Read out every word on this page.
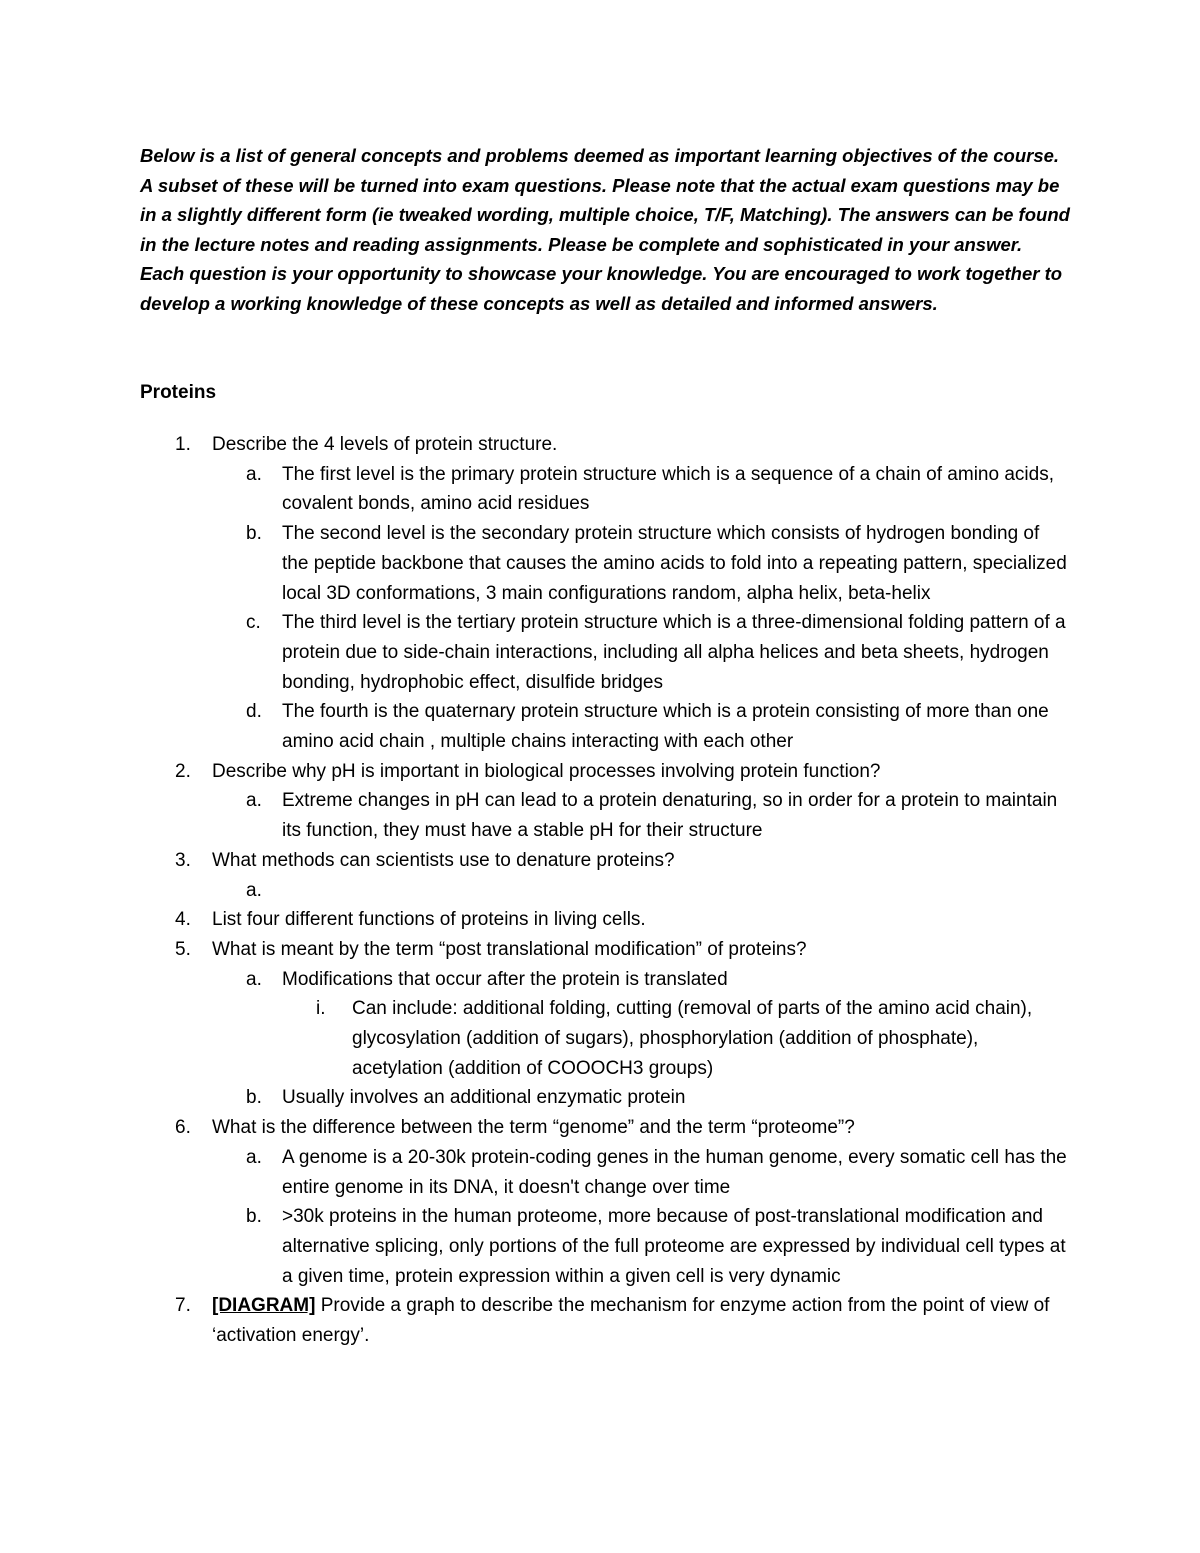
Below is a list of general concepts and problems deemed as important learning objectives of the course. A subset of these will be turned into exam questions. Please note that the actual exam questions may be in a slightly different form (ie tweaked wording, multiple choice, T/F, Matching). The answers can be found in the lecture notes and reading assignments. Please be complete and sophisticated in your answer. Each question is your opportunity to showcase your knowledge. You are encouraged to work together to develop a working knowledge of these concepts as well as detailed and informed answers.
Proteins
1. Describe the 4 levels of protein structure.
a. The first level is the primary protein structure which is a sequence of a chain of amino acids, covalent bonds, amino acid residues
b. The second level is the secondary protein structure which consists of hydrogen bonding of the peptide backbone that causes the amino acids to fold into a repeating pattern, specialized local 3D conformations, 3 main configurations random, alpha helix, beta-helix
c. The third level is the tertiary protein structure which is a three-dimensional folding pattern of a protein due to side-chain interactions, including all alpha helices and beta sheets, hydrogen bonding, hydrophobic effect, disulfide bridges
d. The fourth is the quaternary protein structure which is a protein consisting of more than one amino acid chain , multiple chains interacting with each other
2. Describe why pH is important in biological processes involving protein function?
a. Extreme changes in pH can lead to a protein denaturing, so in order for a protein to maintain its function, they must have a stable pH for their structure
3. What methods can scientists use to denature proteins?
a.

4. List four different functions of proteins in living cells.
5. What is meant by the term “post translational modification” of proteins?
a. Modifications that occur after the protein is translated
i. Can include: additional folding, cutting (removal of parts of the amino acid chain), glycosylation (addition of sugars), phosphorylation (addition of phosphate), acetylation (addition of COOOCH3 groups)
b. Usually involves an additional enzymatic protein
6. What is the difference between the term “genome” and the term “proteome”?
a. A genome is a 20-30k protein-coding genes in the human genome, every somatic cell has the entire genome in its DNA, it doesn't change over time
b. >30k proteins in the human proteome, more because of post-translational modification and alternative splicing, only portions of the full proteome are expressed by individual cell types at a given time, protein expression within a given cell is very dynamic
7. [DIAGRAM] Provide a graph to describe the mechanism for enzyme action from the point of view of ‘activation energy’.
